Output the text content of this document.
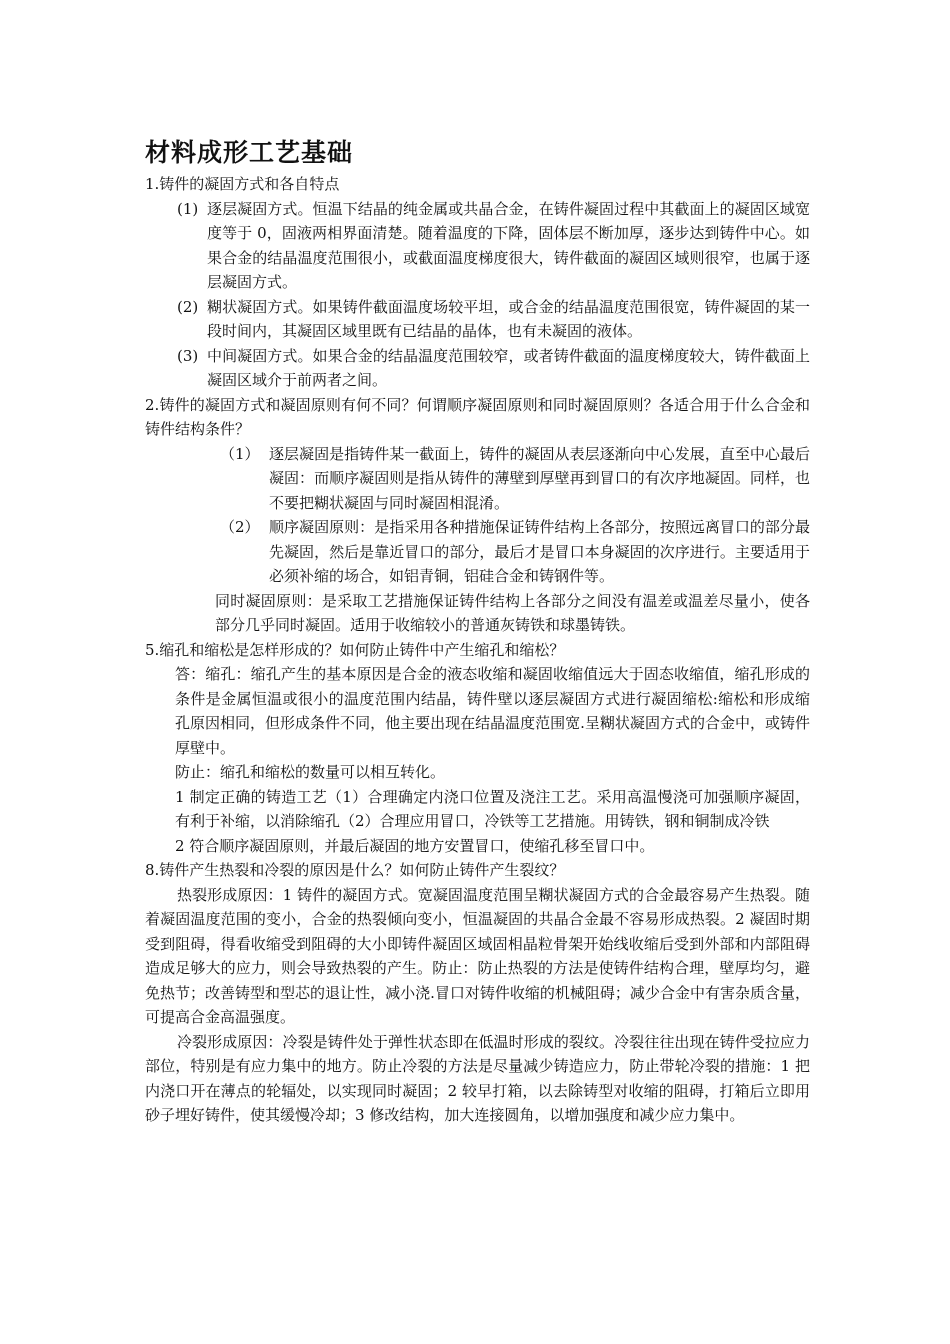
材料成形工艺基础

1.铸件的凝固方式和各自特点

(1) 逐层凝固方式。恒温下结晶的纯金属或共晶合金，在铸件凝固过程中其截面上的凝固区域宽度等于 0，固液两相界面清楚。随着温度的下降，固体层不断加厚，逐步达到铸件中心。如果合金的结晶温度范围很小，或截面温度梯度很大，铸件截面的凝固区域则很窄，也属于逐层凝固方式。
(2) 糊状凝固方式。如果铸件截面温度场较平坦，或合金的结晶温度范围很宽，铸件凝固的某一段时间内，其凝固区域里既有已结晶的晶体，也有未凝固的液体。
(3) 中间凝固方式。如果合金的结晶温度范围较窄，或者铸件截面的温度梯度较大，铸件截面上凝固区域介于前两者之间。

2.铸件的凝固方式和凝固原则有何不同？何谓顺序凝固原则和同时凝固原则？各适合用于什么合金和铸件结构条件？

（1） 逐层凝固是指铸件某一截面上，铸件的凝固从表层逐渐向中心发展，直至中心最后凝固：而顺序凝固则是指从铸件的薄壁到厚壁再到冒口的有次序地凝固。同样，也不要把糊状凝固与同时凝固相混淆。
（2） 顺序凝固原则：是指采用各种措施保证铸件结构上各部分，按照远离冒口的部分最先凝固，然后是靠近冒口的部分，最后才是冒口本身凝固的次序进行。主要适用于必须补缩的场合，如铝青铜，铝硅合金和铸钢件等。

同时凝固原则：是采取工艺措施保证铸件结构上各部分之间没有温差或温差尽量小，使各部分几乎同时凝固。适用于收缩较小的普通灰铸铁和球墨铸铁。

5.缩孔和缩松是怎样形成的？如何防止铸件中产生缩孔和缩松？

答：缩孔：缩孔产生的基本原因是合金的液态收缩和凝固收缩值远大于固态收缩值，缩孔形成的条件是金属恒温或很小的温度范围内结晶，铸件壁以逐层凝固方式进行凝固缩松:缩松和形成缩孔原因相同，但形成条件不同，他主要出现在结晶温度范围宽.呈糊状凝固方式的合金中，或铸件厚壁中。

防止：缩孔和缩松的数量可以相互转化。

1 制定正确的铸造工艺（1）合理确定内浇口位置及浇注工艺。采用高温慢浇可加强顺序凝固，有利于补缩，以消除缩孔（2）合理应用冒口，冷铁等工艺措施。用铸铁，钢和铜制成冷铁

2 符合顺序凝固原则，并最后凝固的地方安置冒口，使缩孔移至冒口中。

8.铸件产生热裂和冷裂的原因是什么？如何防止铸件产生裂纹？

热裂形成原因：1 铸件的凝固方式。宽凝固温度范围呈糊状凝固方式的合金最容易产生热裂。随着凝固温度范围的变小，合金的热裂倾向变小，恒温凝固的共晶合金最不容易形成热裂。2 凝固时期受到阻碍，得看收缩受到阻碍的大小即铸件凝固区域固相晶粒骨架开始线收缩后受到外部和内部阻碍造成足够大的应力，则会导致热裂的产生。防止：防止热裂的方法是使铸件结构合理，壁厚均匀，避免热节；改善铸型和型芯的退让性，减小浇.冒口对铸件收缩的机械阻碍；减少合金中有害杂质含量，可提高合金高温强度。

冷裂形成原因：冷裂是铸件处于弹性状态即在低温时形成的裂纹。冷裂往往出现在铸件受拉应力部位，特别是有应力集中的地方。防止冷裂的方法是尽量减少铸造应力，防止带轮冷裂的措施：1 把内浇口开在薄点的轮辐处，以实现同时凝固；2 较早打箱，以去除铸型对收缩的阻碍，打箱后立即用砂子埋好铸件，使其缓慢冷却；3 修改结构，加大连接圆角，以增加强度和减少应力集中。
